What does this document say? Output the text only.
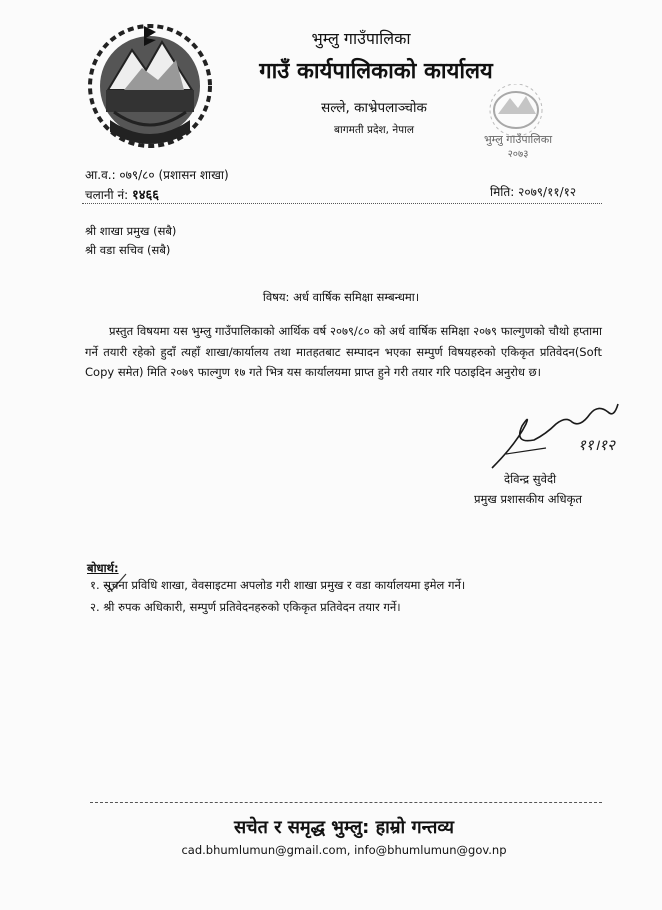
भुम्लु गाउँपालिका
गाउँ कार्यपालिकाको कार्यालय
सल्ले, काभ्रेपलाञ्चोक
बागमती प्रदेश, नेपाल
भुम्लु गाउँपालिका
२०७३
आ.व.: ०७९/८० (प्रशासन शाखा)
चलानी नं: १४६६	मिति: २०७९/११/१२
श्री शाखा प्रमुख (सबै)
श्री वडा सचिव (सबै)
विषय: अर्ध वार्षिक समिक्षा सम्बन्धमा।
प्रस्तुत विषयमा यस भुम्लु गाउँपालिकाको आर्थिक वर्ष २०७९/८० को अर्ध वार्षिक समिक्षा २०७९ फाल्गुणको चौथो हप्तामा गर्ने तयारी रहेको हुदाँ त्यहाँ शाखा/कार्यालय तथा मातहतबाट सम्पादन भएका सम्पुर्ण विषयहरुको एकिकृत प्रतिवेदन(Soft Copy समेत) मिति २०७९ फाल्गुण १७ गते भित्र यस कार्यालयमा प्राप्त हुने गरी तयार गरि पठाइदिन अनुरोध छ।
११।१२
देविन्द्र सुवेदी
प्रमुख प्रशासकीय अधिकृत
बोधार्थ:
१. सूचना प्रविधि शाखा, वेवसाइटमा अपलोड गरी शाखा प्रमुख र वडा कार्यालयमा इमेल गर्ने।
२. श्री रुपक अधिकारी, सम्पुर्ण प्रतिवेदनहरुको एकिकृत प्रतिवेदन तयार गर्ने।
सचेत र समृद्ध भुम्लु: हाम्रो गन्तव्य
cad.bhumlumun@gmail.com, info@bhumlumun@gov.np
